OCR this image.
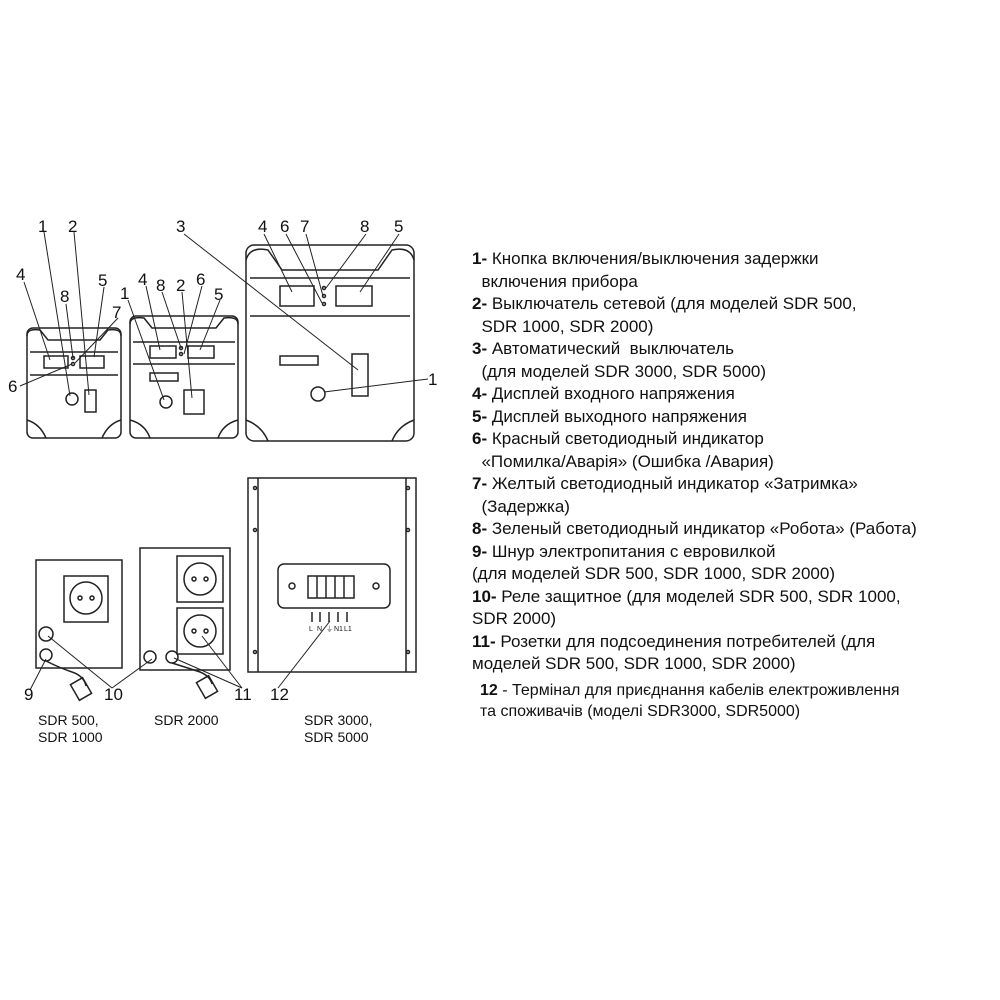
L N ⏚ N1 L1
1 2
4
8
5
7
6
4
1 8 2 6
5
3	4 6 7	8 5
1
9	10	11 12
SDR 500,
SDR 1000
SDR 2000	SDR 3000,
SDR 5000
1- Кнопка включения/выключения задержки
включения прибора
2- Выключатель сетевой (для моделей SDR 500,
SDR 1000, SDR 2000)
3- Автоматический  выключатель
(для моделей SDR 3000, SDR 5000)
4- Дисплей входного напряжения
5- Дисплей выходного напряжения
6- Красный светодиодный индикатор
«Помилка/Аварія» (Ошибка /Авария)
7- Желтый светодиодный индикатор «Затримка»
(Задержка)
8- Зеленый светодиодный индикатор «Робота» (Работа)
9- Шнур электропитания с евровилкой
(для моделей SDR 500, SDR 1000, SDR 2000)
10- Реле защитное (для моделей SDR 500, SDR 1000,
SDR 2000)
11- Розетки для подсоединения потребителей (для
моделей SDR 500, SDR 1000, SDR 2000)
12 - Термінал для приєднання кабелів електроживлення
та споживачів (моделі SDR3000, SDR5000)
